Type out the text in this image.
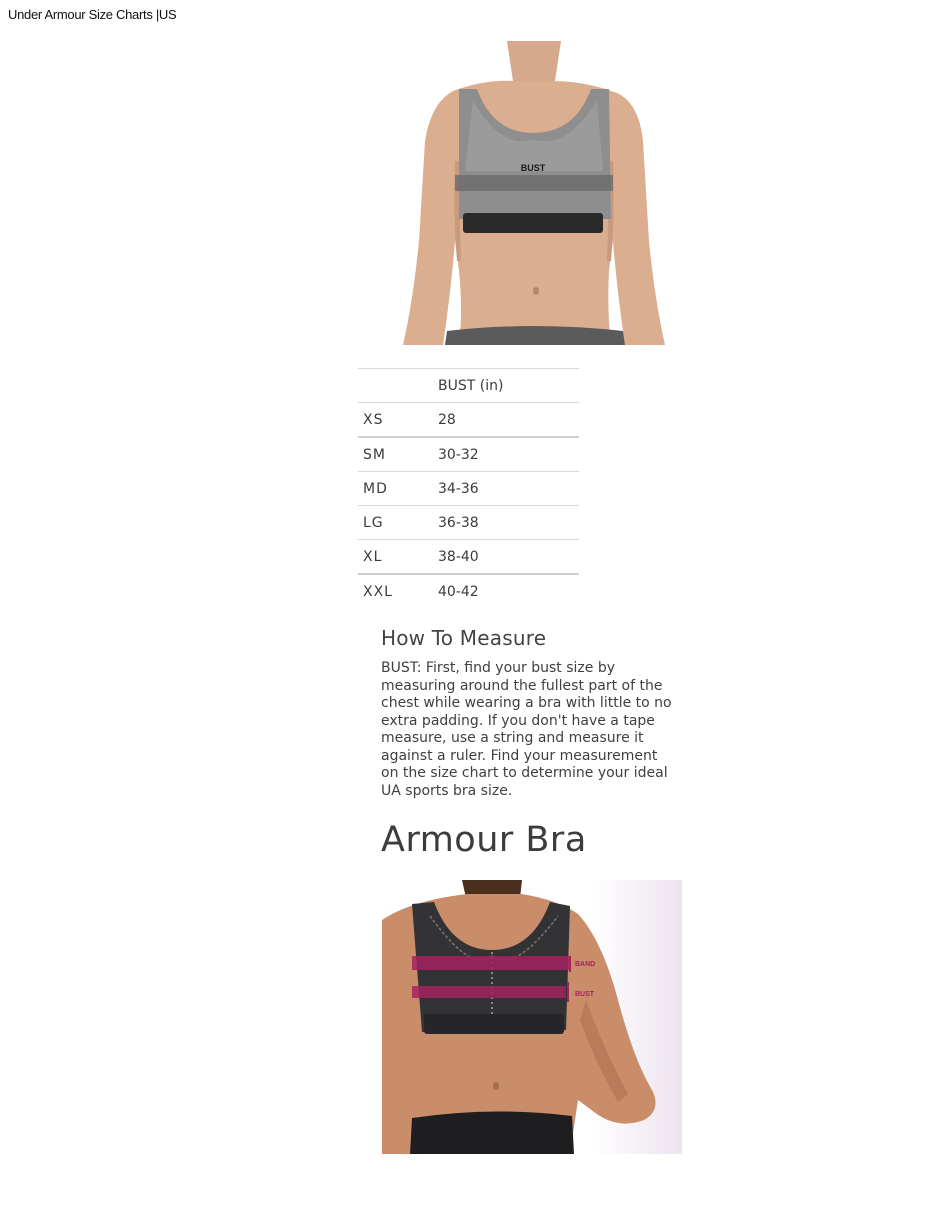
Under Armour Size Charts |US
BUST
	BUST (in)
XS	28
SM	30-32
MD	34-36
LG	36-38
XL	38-40
XXL	40-42
How To Measure
BUST: First, find your bust size by measuring around the fullest part of the chest while wearing a bra with little to no extra padding. If you don't have a tape measure, use a string and measure it against a ruler. Find your measurement on the size chart to determine your ideal UA sports bra size.
Armour Bra
BAND
BUST
